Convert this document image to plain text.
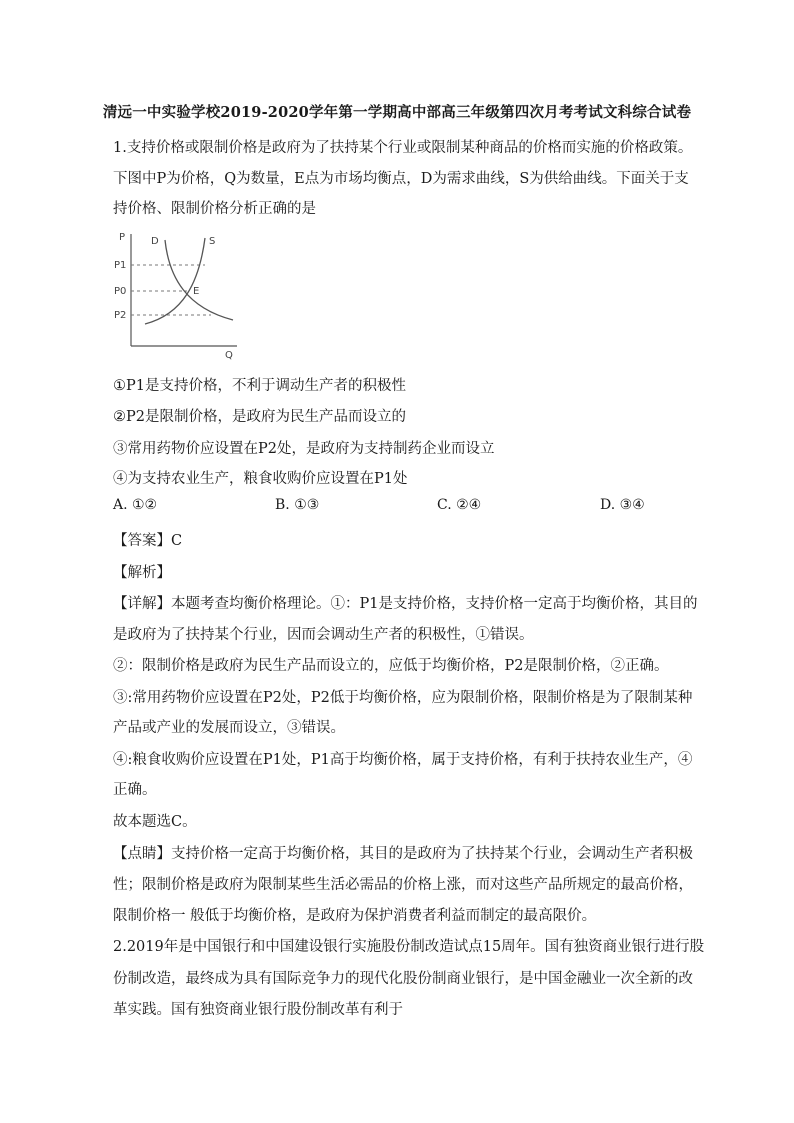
清远一中实验学校2019-2020学年第一学期高中部高三年级第四次月考考试文科综合试卷
1.支持价格或限制价格是政府为了扶持某个行业或限制某种商品的价格而实施的价格政策。
下图中P为价格，Q为数量，E点为市场均衡点，D为需求曲线，S为供给曲线。下面关于支
持价格、限制价格分析正确的是
P
Q
P1
P0
P2
D	S
E
①P1是支持价格，不利于调动生产者的积极性
②P2是限制价格，是政府为民生产品而设立的
③常用药物价应设置在P2处，是政府为支持制药企业而设立
④为支持农业生产，粮食收购价应设置在P1处
A. ①②	B. ①③	C. ②④	D. ③④
【答案】C
【解析】
【详解】本题考查均衡价格理论。①：P1是支持价格，支持价格一定高于均衡价格，其目的
是政府为了扶持某个行业，因而会调动生产者的积极性，①错误。
②：限制价格是政府为民生产品而设立的，应低于均衡价格，P2是限制价格，②正确。
③:常用药物价应设置在P2处，P2低于均衡价格，应为限制价格，限制价格是为了限制某种
产品或产业的发展而设立，③错误。
④:粮食收购价应设置在P1处，P1高于均衡价格，属于支持价格，有利于扶持农业生产，④
正确。
故本题选C。
【点睛】支持价格一定高于均衡价格，其目的是政府为了扶持某个行业，会调动生产者积极
性；限制价格是政府为限制某些生活必需品的价格上涨，而对这些产品所规定的最高价格，
限制价格一 般低于均衡价格，是政府为保护消费者利益而制定的最高限价。
2.2019年是中国银行和中国建设银行实施股份制改造试点15周年。国有独资商业银行进行股
份制改造，最终成为具有国际竞争力的现代化股份制商业银行，是中国金融业一次全新的改
革实践。国有独资商业银行股份制改革有利于
